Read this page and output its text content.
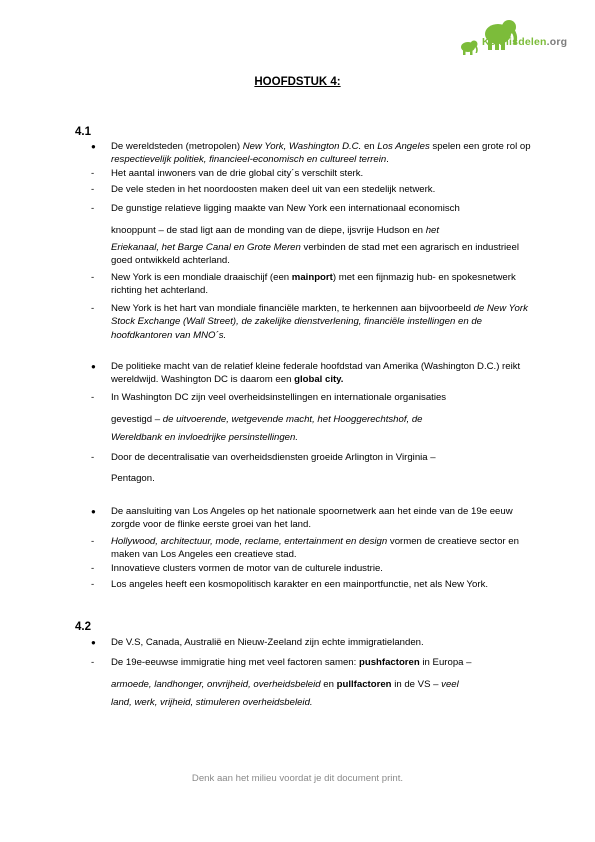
Kennisdelen.org
HOOFDSTUK 4:
4.1
●	De wereldsteden (metropolen) New York, Washington D.C. en Los Angeles spelen een grote rol op respectievelijk politiek, financieel-economisch en cultureel terrein.
-	Het aantal inwoners van de drie global city´s verschilt sterk.
-	De vele steden in het noordoosten maken deel uit van een stedelijk netwerk.
-	De gunstige relatieve ligging maakte van New York een internationaal economisch
knooppunt – de stad ligt aan de monding van de diepe, ijsvrije Hudson en het
Eriekanaal, het Barge Canal en Grote Meren verbinden de stad met een agrarisch en industrieel goed ontwikkeld achterland.
-	New York is een mondiale draaischijf (een mainport) met een fijnmazig hub- en spokesnetwerk richting het achterland.
-	New York is het hart van mondiale financiële markten, te herkennen aan bijvoorbeeld de New York Stock Exchange (Wall Street), de zakelijke dienstverlening, financiële instellingen en de hoofdkantoren van MNO´s.
●	De politieke macht van de relatief kleine federale hoofdstad van Amerika (Washington D.C.) reikt wereldwijd. Washington DC is daarom een global city.
-	In Washington DC zijn veel overheidsinstellingen en internationale organisaties
gevestigd – de uitvoerende, wetgevende macht, het Hooggerechtshof, de
Wereldbank en invloedrijke persinstellingen.
-	Door de decentralisatie van overheidsdiensten groeide Arlington in Virginia –
Pentagon.
●	De aansluiting van Los Angeles op het nationale spoornetwerk aan het einde van de 19e eeuw zorgde voor de flinke eerste groei van het land.
-	Hollywood, architectuur, mode, reclame, entertainment en design vormen de creatieve sector en maken van Los Angeles een creatieve stad.
-	Innovatieve clusters vormen de motor van de culturele industrie.
-	Los angeles heeft een kosmopolitisch karakter en een mainportfunctie, net als New York.
4.2
●	De V.S, Canada, Australië en Nieuw-Zeeland zijn echte immigratielanden.
-	De 19e-eeuwse immigratie hing met veel factoren samen: pushfactoren in Europa –
armoede, landhonger, onvrijheid, overheidsbeleid en pullfactoren in de VS – veel
land, werk, vrijheid, stimuleren overheidsbeleid.
Denk aan het milieu voordat je dit document print.
